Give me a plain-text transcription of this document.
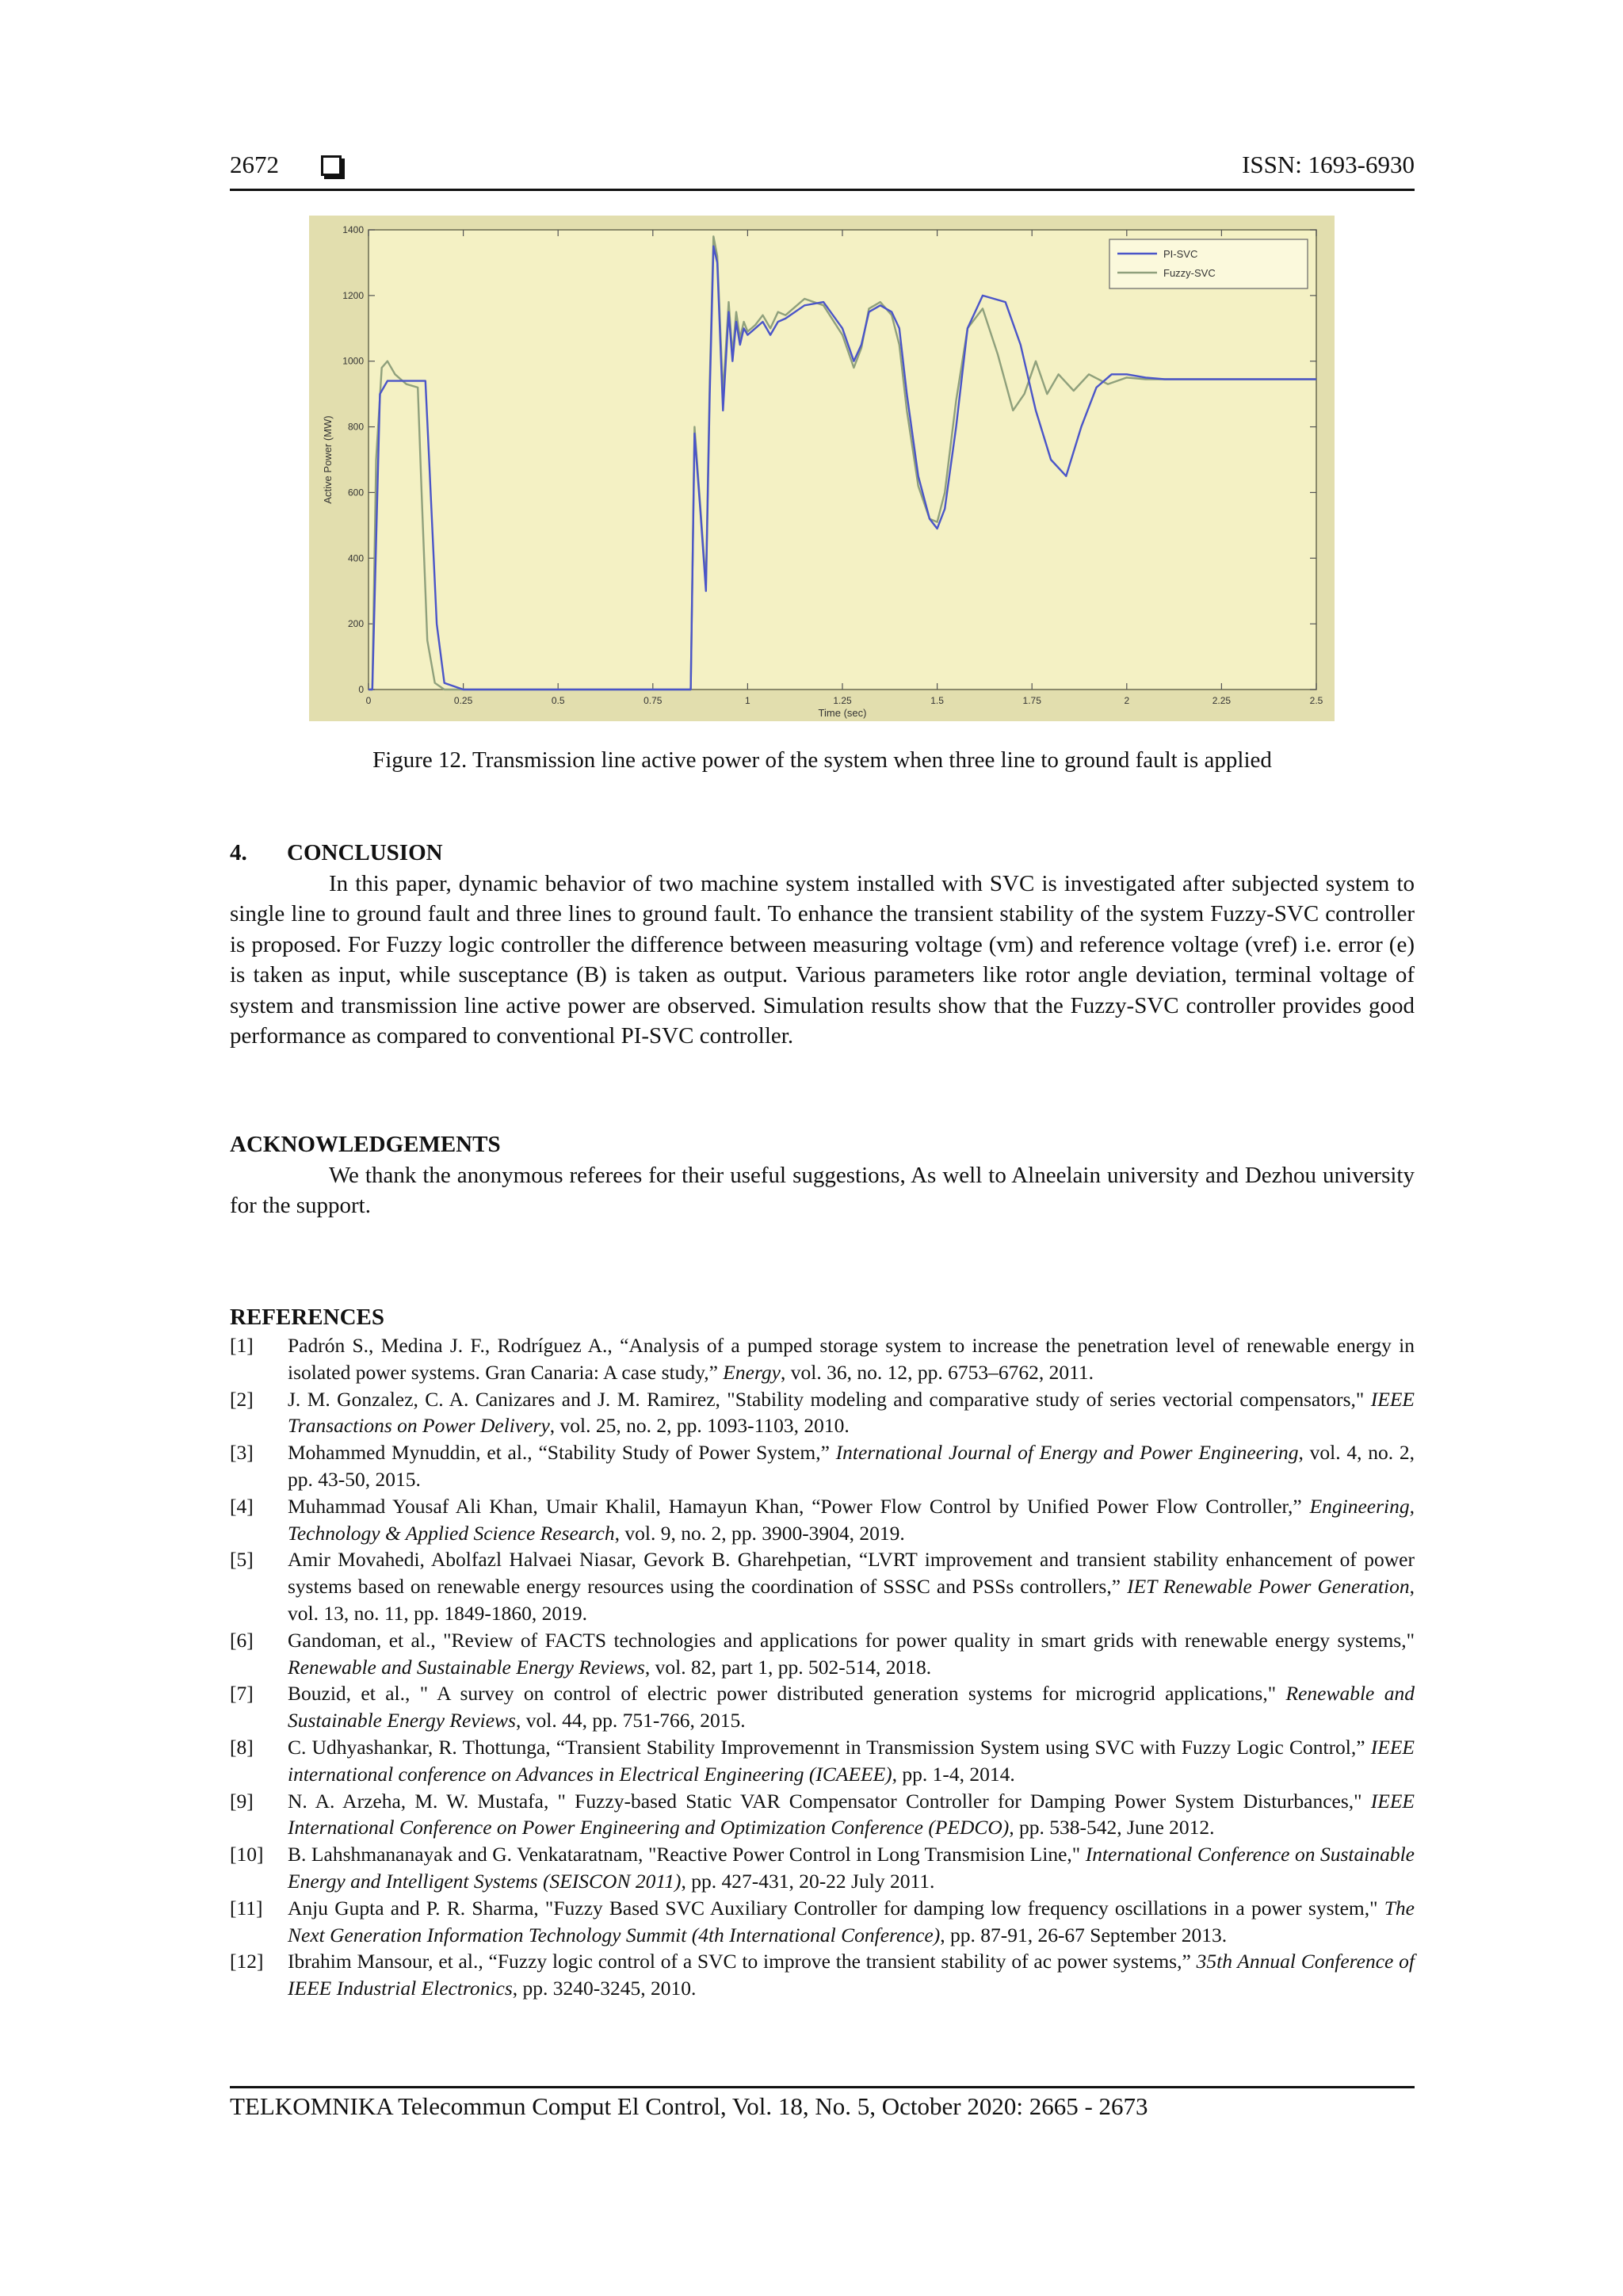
2672	ISSN: 1693-6930
0	0.25	0.5	0.75	1	1.25	1.5	1.75	2	2.25	2.5
0
200
400
600
800
1000
1200
1400
Time (sec)
Active Power (MW)
PI-SVC
Fuzzy-SVC
Figure 12. Transmission line active power of the system when three line to ground fault is applied
4. CONCLUSION
In this paper, dynamic behavior of two machine system installed with SVC is investigated after subjected system to single line to ground fault and three lines to ground fault. To enhance the transient stability of the system Fuzzy-SVC controller is proposed. For Fuzzy logic controller the difference between measuring voltage (vm) and reference voltage (vref) i.e. error (e) is taken as input, while susceptance (B) is taken as output. Various parameters like rotor angle deviation, terminal voltage of system and transmission line active power are observed. Simulation results show that the Fuzzy-SVC controller provides good performance as compared to conventional PI-SVC controller.
ACKNOWLEDGEMENTS
We thank the anonymous referees for their useful suggestions, As well to Alneelain university and Dezhou university for the support.
REFERENCES
[1]	Padrón S., Medina J. F., Rodríguez A., “Analysis of a pumped storage system to increase the penetration level of renewable energy in isolated power systems. Gran Canaria: A case study,” Energy, vol. 36, no. 12, pp. 6753–6762, 2011.
[2]	J. M. Gonzalez, C. A. Canizares and J. M. Ramirez, "Stability modeling and comparative study of series vectorial compensators," IEEE Transactions on Power Delivery, vol. 25, no. 2, pp. 1093-1103, 2010.
[3]	Mohammed Mynuddin, et al., “Stability Study of Power System,” International Journal of Energy and Power Engineering, vol. 4, no. 2, pp. 43-50, 2015.
[4]	Muhammad Yousaf Ali Khan, Umair Khalil, Hamayun Khan, “Power Flow Control by Unified Power Flow Controller,” Engineering, Technology & Applied Science Research, vol. 9, no. 2, pp. 3900-3904, 2019.
[5]	Amir Movahedi, Abolfazl Halvaei Niasar, Gevork B. Gharehpetian, “LVRT improvement and transient stability enhancement of power systems based on renewable energy resources using the coordination of SSSC and PSSs controllers,” IET Renewable Power Generation, vol. 13, no. 11, pp. 1849-1860, 2019.
[6]	Gandoman, et al., "Review of FACTS technologies and applications for power quality in smart grids with renewable energy systems," Renewable and Sustainable Energy Reviews, vol. 82, part 1, pp. 502-514, 2018.
[7]	Bouzid, et al., " A survey on control of electric power distributed generation systems for microgrid applications," Renewable and Sustainable Energy Reviews, vol. 44, pp. 751-766, 2015.
[8]	C. Udhyashankar, R. Thottunga, “Transient Stability Improvemennt in Transmission System using SVC with Fuzzy Logic Control,” IEEE international conference on Advances in Electrical Engineering (ICAEEE), pp. 1-4, 2014.
[9]	N. A. Arzeha, M. W. Mustafa, " Fuzzy-based Static VAR Compensator Controller for Damping Power System Disturbances," IEEE International Conference on Power Engineering and Optimization Conference (PEDCO), pp. 538-542, June 2012.
[10]	B. Lahshmananayak and G. Venkataratnam, "Reactive Power Control in Long Transmision Line," International Conference on Sustainable Energy and Intelligent Systems (SEISCON 2011), pp. 427-431, 20-22 July 2011.
[11]	Anju Gupta and P. R. Sharma, "Fuzzy Based SVC Auxiliary Controller for damping low frequency oscillations in a power system," The Next Generation Information Technology Summit (4th International Conference), pp. 87-91, 26-67 September 2013.
[12]	Ibrahim Mansour, et al., “Fuzzy logic control of a SVC to improve the transient stability of ac power systems,” 35th Annual Conference of IEEE Industrial Electronics, pp. 3240-3245, 2010.
TELKOMNIKA Telecommun Comput El Control, Vol. 18, No. 5, October 2020: 2665 - 2673
